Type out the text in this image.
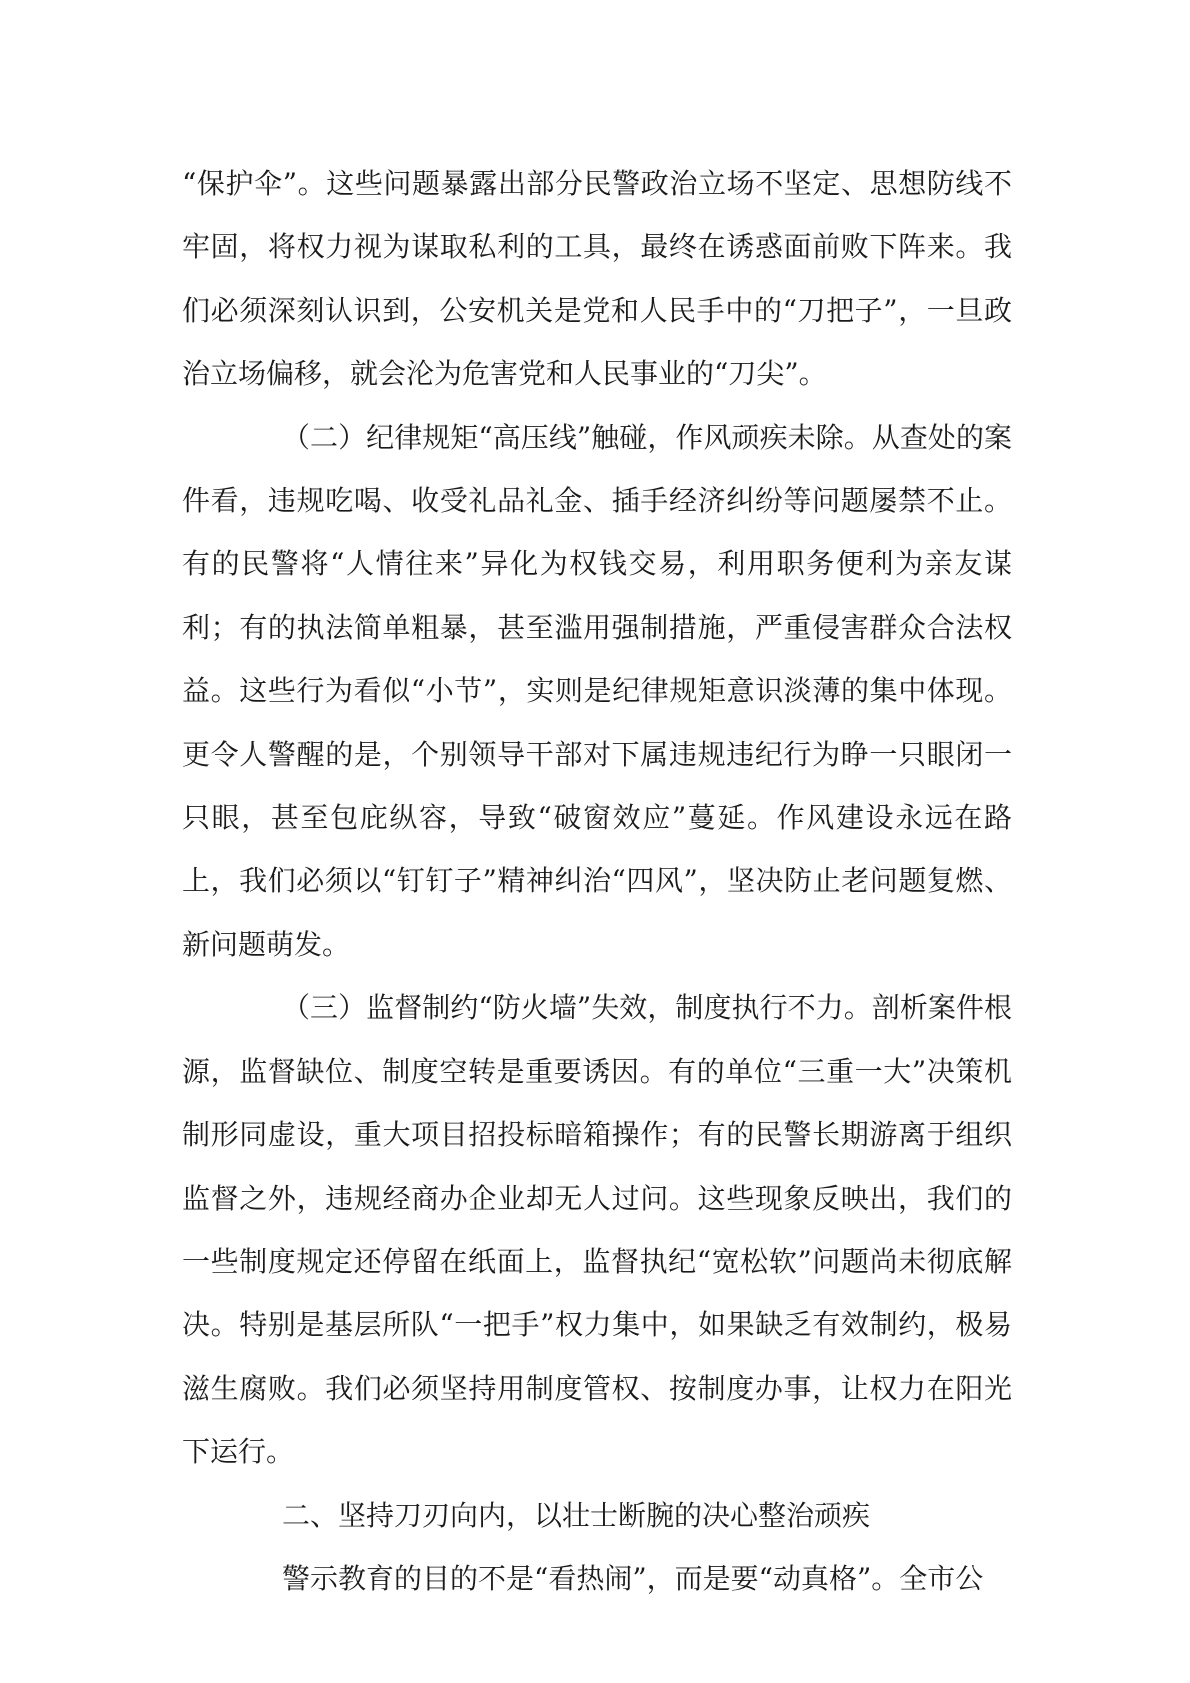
“保护伞”。这些问题暴露出部分民警政治立场不坚定、思想防线不牢固，将权力视为谋取私利的工具，最终在诱惑面前败下阵来。我们必须深刻认识到，公安机关是党和人民手中的“刀把子”，一旦政治立场偏移，就会沦为危害党和人民事业的“刀尖”。

（二）纪律规矩“高压线”触碰，作风顽疾未除。从查处的案件看，违规吃喝、收受礼品礼金、插手经济纠纷等问题屡禁不止。有的民警将“人情往来”异化为权钱交易，利用职务便利为亲友谋利；有的执法简单粗暴，甚至滥用强制措施，严重侵害群众合法权益。这些行为看似“小节”，实则是纪律规矩意识淡薄的集中体现。更令人警醒的是，个别领导干部对下属违规违纪行为睁一只眼闭一只眼，甚至包庇纵容，导致“破窗效应”蔓延。作风建设永远在路上，我们必须以“钉钉子”精神纠治“四风”，坚决防止老问题复燃、新问题萌发。

（三）监督制约“防火墙”失效，制度执行不力。剖析案件根源，监督缺位、制度空转是重要诱因。有的单位“三重一大”决策机制形同虚设，重大项目招投标暗箱操作；有的民警长期游离于组织监督之外，违规经商办企业却无人过问。这些现象反映出，我们的一些制度规定还停留在纸面上，监督执纪“宽松软”问题尚未彻底解决。特别是基层所队“一把手”权力集中，如果缺乏有效制约，极易滋生腐败。我们必须坚持用制度管权、按制度办事，让权力在阳光下运行。

二、坚持刀刃向内，以壮士断腕的决心整治顽疾

警示教育的目的不是“看热闹”，而是要“动真格”。全市公
